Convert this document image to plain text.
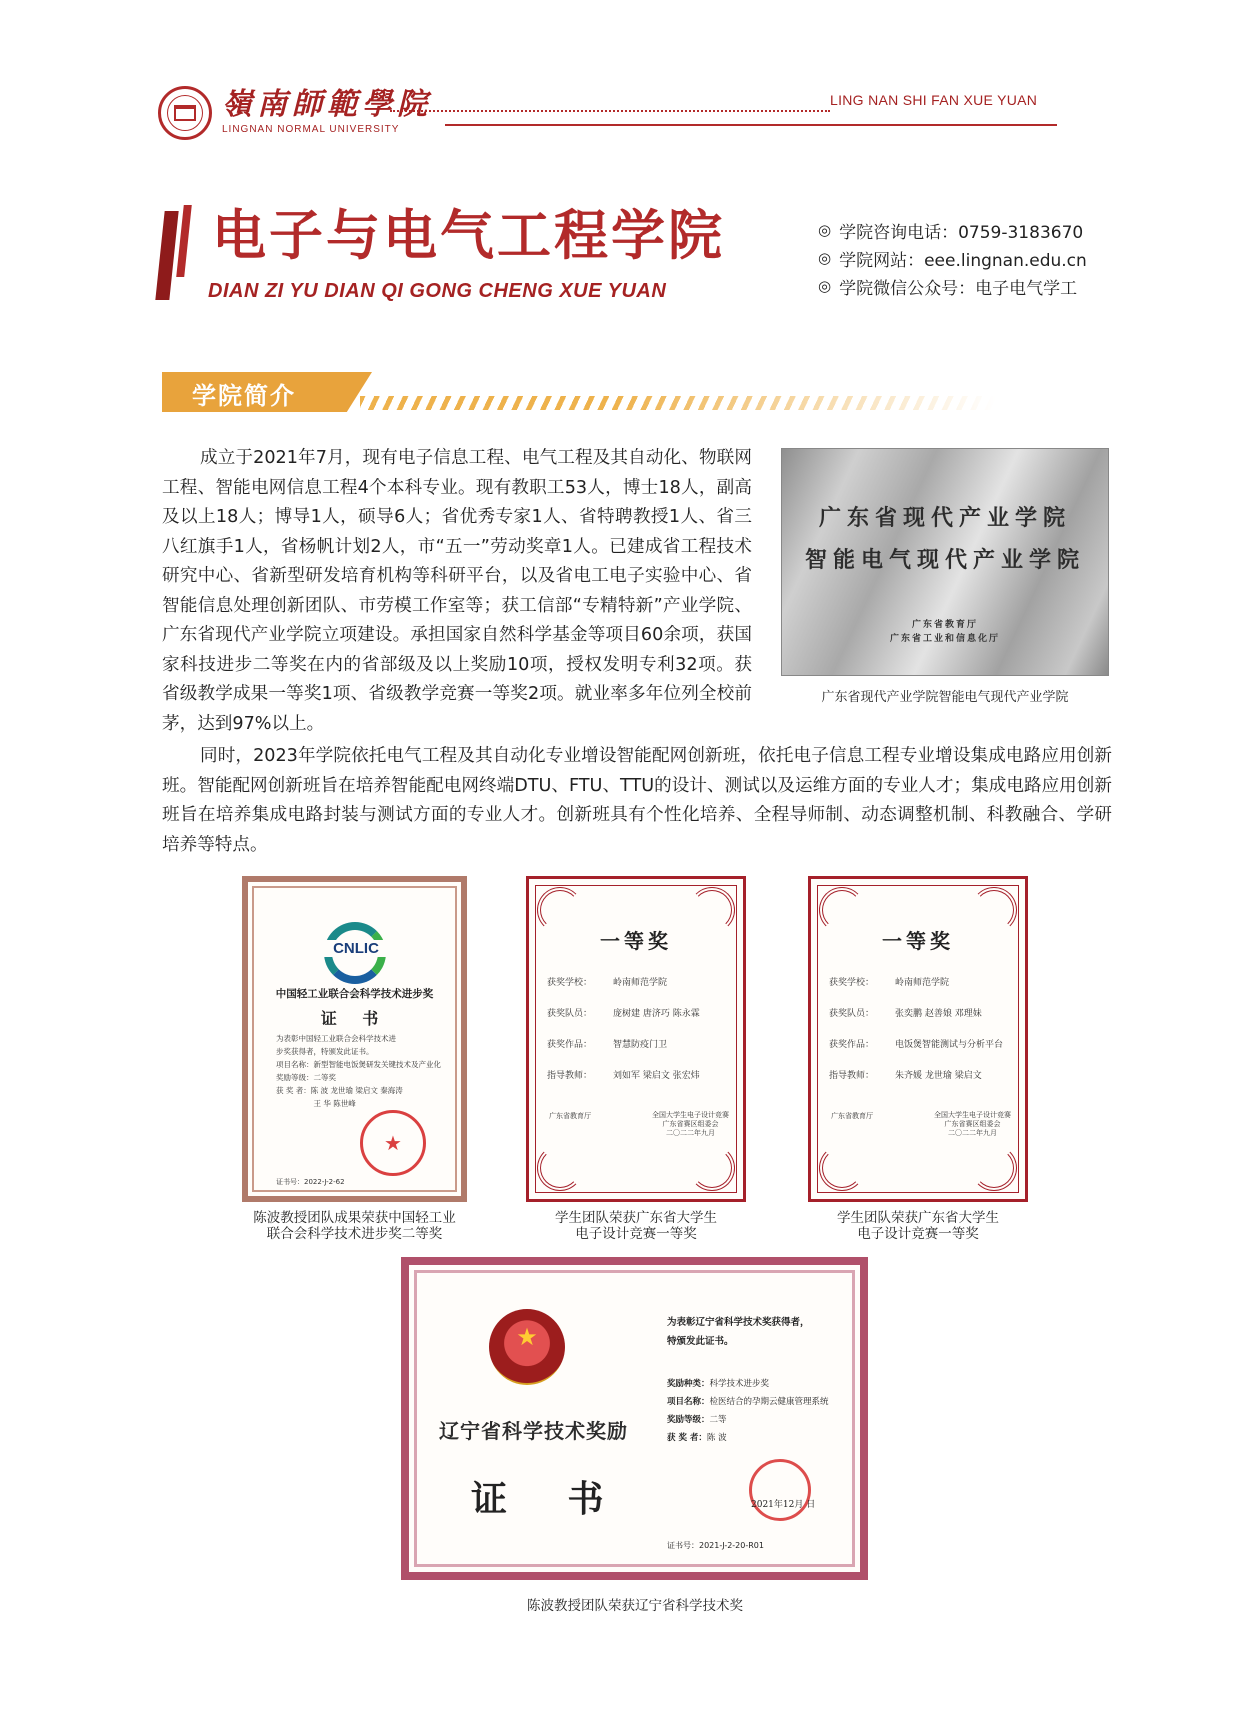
嶺南師範學院
LINGNAN NORMAL UNIVERSITY
LING NAN SHI FAN XUE YUAN
电子与电气工程学院
DIAN ZI YU DIAN QI GONG CHENG XUE YUAN
◎ 学院咨询电话：0759-3183670
◎ 学院网站：eee.lingnan.edu.cn
◎ 学院微信公众号：电子电气学工
学院简介

成立于2021年7月，现有电子信息工程、电气工程及其自动化、物联网工程、智能电网信息工程4个本科专业。现有教职工53人，博士18人，副高及以上18人；博导1人，硕导6人；省优秀专家1人、省特聘教授1人、省三八红旗手1人，省杨帆计划2人，市“五一”劳动奖章1人。已建成省工程技术研究中心、省新型研发培育机构等科研平台，以及省电工电子实验中心、省智能信息处理创新团队、市劳模工作室等；获工信部“专精特新”产业学院、广东省现代产业学院立项建设。承担国家自然科学基金等项目60余项，获国家科技进步二等奖在内的省部级及以上奖励10项，授权发明专利32项。获省级教学成果一等奖1项、省级教学竞赛一等奖2项。就业率多年位列全校前茅，达到97%以上。

同时，2023年学院依托电气工程及其自动化专业增设智能配网创新班，依托电子信息工程专业增设集成电路应用创新班。智能配网创新班旨在培养智能配电网终端DTU、FTU、TTU的设计、测试以及运维方面的专业人才；集成电路应用创新班旨在培养集成电路封装与测试方面的专业人才。创新班具有个性化培养、全程导师制、动态调整机制、科教融合、学研培养等特点。

广东省现代产业学院
智能电气现代产业学院
广东省教育厅
广东省工业和信息化厅
广东省现代产业学院智能电气现代产业学院
CNLIC
中国轻工业联合会科学技术进步奖
证 书
为表彰中国轻工业联合会科学技术进
步奖获得者，特颁发此证书。
项目名称：新型智能电饭煲研发关键技术及产业化
奖励等级：二等奖
获 奖 者：陈 波 龙世瑜 梁启文 秦海涛
　　　　　王 华 陈世峰
★
证书号：2022-J-2-62
陈波教授团队成果荣获中国轻工业
联合会科学技术进步奖二等奖
一等奖
获奖学校：	岭南师范学院
获奖队员：	庞树建 唐济巧 陈永霖
获奖作品：	智慧防疫门卫
指导教师：	刘如军 梁启文 张宏炜
广东省教育厅	全国大学生电子设计竞赛
广东省赛区组委会
二〇二二年九月
学生团队荣获广东省大学生
电子设计竞赛一等奖
一等奖
获奖学校：	岭南师范学院
获奖队员：	张奕鹏 赵善娘 邓理妹
获奖作品：	电饭煲智能测试与分析平台
指导教师：	朱齐媛 龙世瑜 梁启文
广东省教育厅	全国大学生电子设计竞赛
广东省赛区组委会
二〇二二年九月
学生团队荣获广东省大学生
电子设计竞赛一等奖
★
辽宁省科学技术奖励
证 书
为表彰辽宁省科学技术奖获得者，
特颁发此证书。
奖励种类：科学技术进步奖
项目名称：检医结合的孕期云健康管理系统
奖励等级：二等
获 奖 者：陈 波
2021年12月 日
证书号：2021-J-2-20-R01
陈波教授团队荣获辽宁省科学技术奖
